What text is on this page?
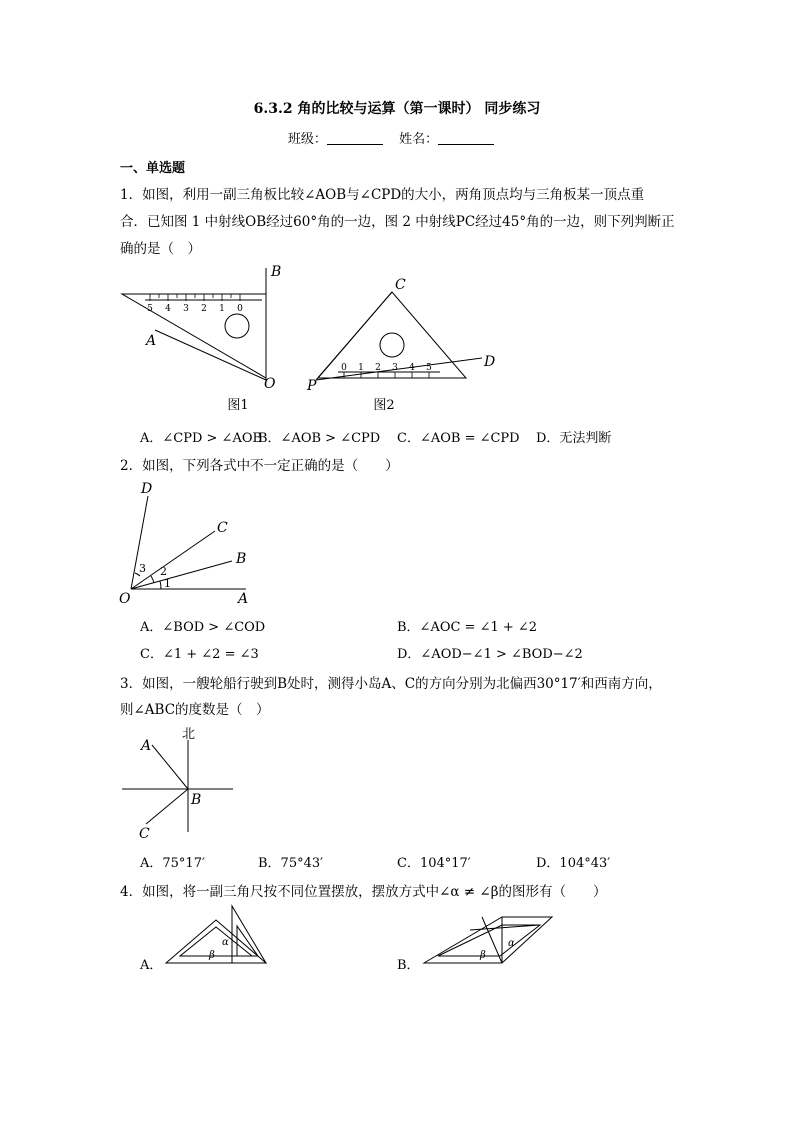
6.3.2 角的比较与运算（第一课时） 同步练习
班级：	姓名：
一、单选题
1．如图，利用一副三角板比较∠AOB与∠CPD的大小，两角顶点均与三角板某一顶点重
合．已知图 1 中射线OB经过60°角的一边，图 2 中射线PC经过45°角的一边，则下列判断正
确的是（　）
5 4 3 2 1 0
B
A
O
图1
0 1 2 3 4 5
C
D
P
图2
A．∠CPD > ∠AOB
B．∠AOB > ∠CPD C．∠AOB = ∠CPD D．无法判断
2．如图，下列各式中不一定正确的是（　　）
D
C
B
O	A
1
2
3
A．∠BOD > ∠COD	B．∠AOC = ∠1 + ∠2
C．∠1 + ∠2 = ∠3	D．∠AOD−∠1 > ∠BOD−∠2
3．如图，一艘轮船行驶到B处时，测得小岛A、C的方向分别为北偏西30°17′和西南方向，
则∠ABC的度数是（　）
北
A
B
C
A．75°17′	B．75°43′	C．104°17′	D．104°43′
4．如图，将一副三角尺按不同位置摆放，摆放方式中∠α ≠ ∠β的图形有（　　）
A．	B．
α
β
α
β
